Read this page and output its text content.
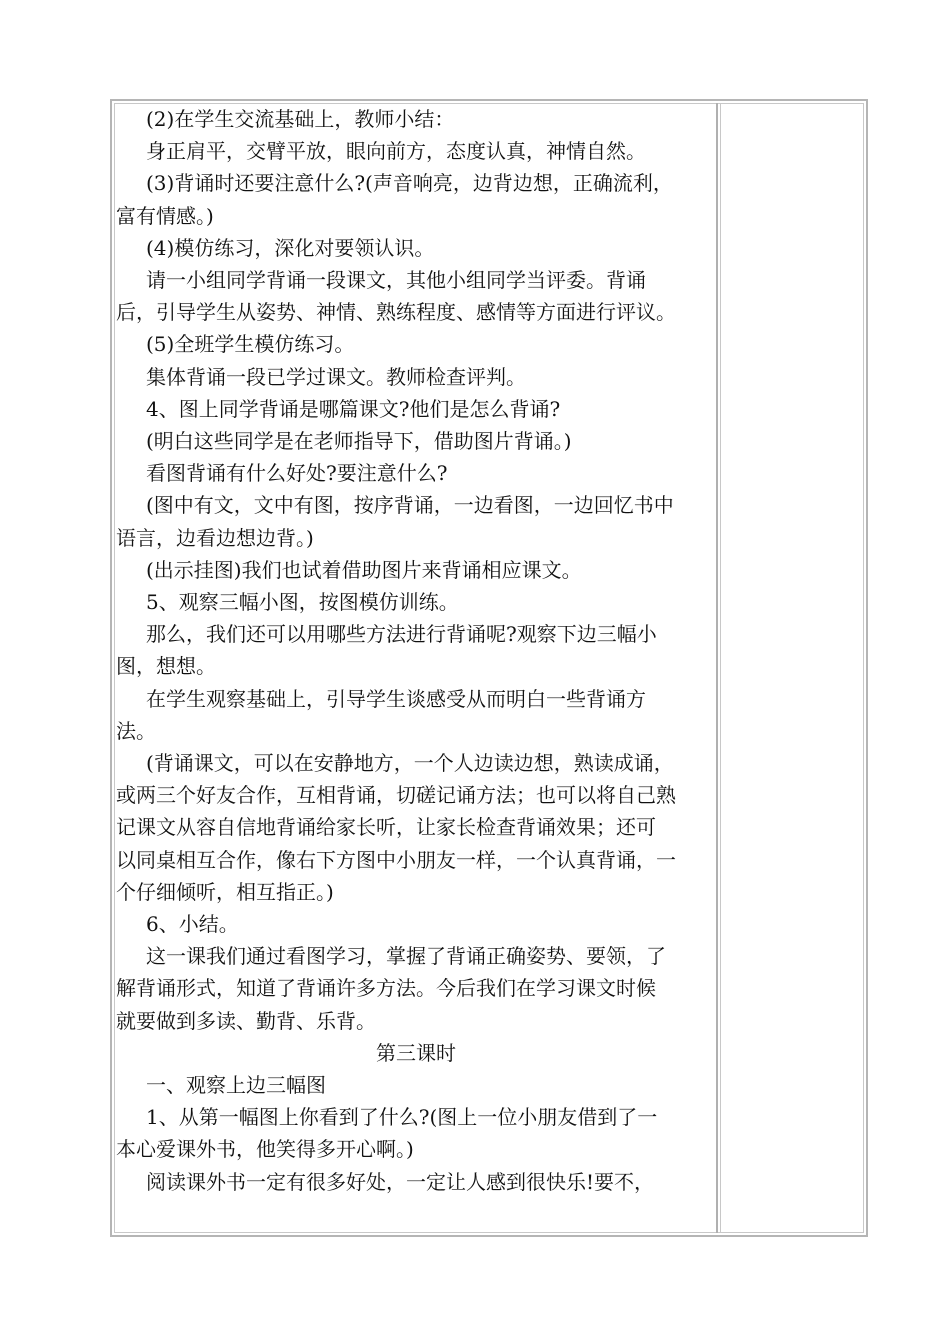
(2)在学生交流基础上，教师小结：
身正肩平，交臂平放，眼向前方，态度认真，神情自然。
(3)背诵时还要注意什么?(声音响亮，边背边想，正确流利，
富有情感。)
(4)模仿练习，深化对要领认识。
请一小组同学背诵一段课文，其他小组同学当评委。背诵
后，引导学生从姿势、神情、熟练程度、感情等方面进行评议。
(5)全班学生模仿练习。
集体背诵一段已学过课文。教师检查评判。
4、图上同学背诵是哪篇课文?他们是怎么背诵?
(明白这些同学是在老师指导下，借助图片背诵。)
看图背诵有什么好处?要注意什么?
(图中有文，文中有图，按序背诵，一边看图，一边回忆书中
语言，边看边想边背。)
(出示挂图)我们也试着借助图片来背诵相应课文。
5、观察三幅小图，按图模仿训练。
那么，我们还可以用哪些方法进行背诵呢?观察下边三幅小
图，想想。
在学生观察基础上，引导学生谈感受从而明白一些背诵方
法。
(背诵课文，可以在安静地方，一个人边读边想，熟读成诵，
或两三个好友合作，互相背诵，切磋记诵方法；也可以将自己熟
记课文从容自信地背诵给家长听，让家长检查背诵效果；还可
以同桌相互合作，像右下方图中小朋友一样，一个认真背诵，一
个仔细倾听，相互指正。)
6、小结。
这一课我们通过看图学习，掌握了背诵正确姿势、要领，了
解背诵形式，知道了背诵许多方法。今后我们在学习课文时候
就要做到多读、勤背、乐背。
第三课时
一、观察上边三幅图
1、从第一幅图上你看到了什么?(图上一位小朋友借到了一
本心爱课外书，他笑得多开心啊。)
阅读课外书一定有很多好处，一定让人感到很快乐!要不，
